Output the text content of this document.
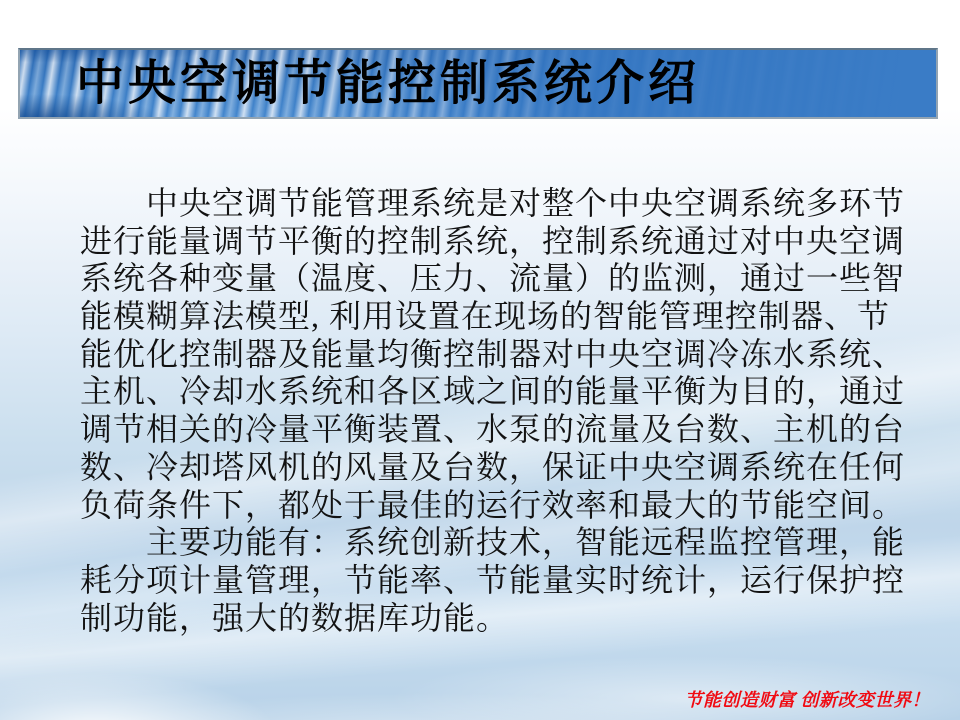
中央空调节能控制系统介绍
　　中央空调节能管理系统是对整个中央空调系统多环节
进行能量调节平衡的控制系统，控制系统通过对中央空调
系统各种变量（温度、压力、流量）的监测，通过一些智
能模糊算法模型, 利用设置在现场的智能管理控制器、节
能优化控制器及能量均衡控制器对中央空调冷冻水系统、
主机、冷却水系统和各区域之间的能量平衡为目的，通过
调节相关的冷量平衡装置、水泵的流量及台数、主机的台
数、冷却塔风机的风量及台数，保证中央空调系统在任何
负荷条件下，都处于最佳的运行效率和最大的节能空间。
　　主要功能有：系统创新技术，智能远程监控管理，能
耗分项计量管理，节能率、节能量实时统计，运行保护控
制功能，强大的数据库功能。
节能创造财富 创新改变世界！
